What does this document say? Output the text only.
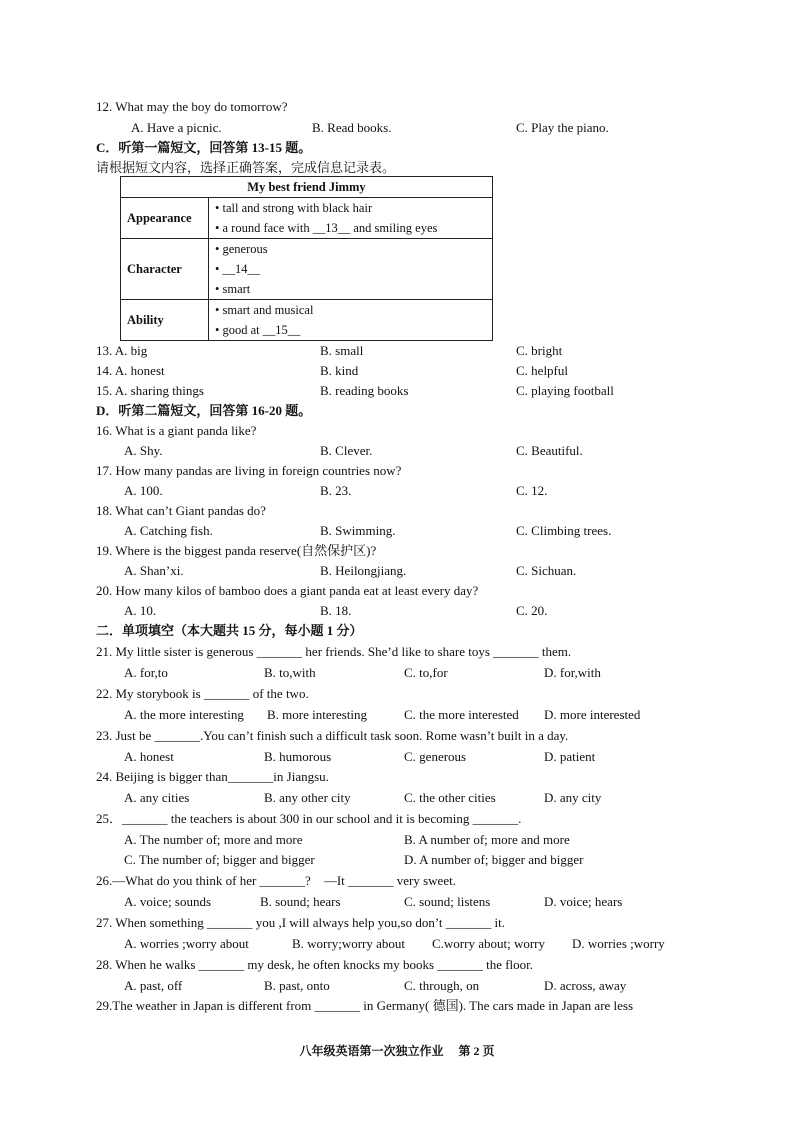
12. What may the boy do tomorrow?
A. Have a picnic.	B. Read books.	C. Play the piano.
C．听第一篇短文，回答第 13-15 题。
请根据短文内容，选择正确答案，完成信息记录表。
My best friend Jimmy	
Appearance	• tall and strong with black hair
• a round face with __13__ and smiling eyes

Character	• generous
• __14__
• smart

Ability	• smart and musical
• good at __15__
13. A. big	B. small	C. bright
14. A. honest	B. kind	C. helpful
15. A. sharing things	B. reading books	C. playing football
D．听第二篇短文，回答第 16-20 题。
16. What is a giant panda like?
A. Shy.	B. Clever.	C. Beautiful.
17. How many pandas are living in foreign countries now?
A. 100.	B. 23.	C. 12.
18. What can’t Giant pandas do?
A. Catching fish.	B. Swimming.	C. Climbing trees.
19. Where is the biggest panda reserve(自然保护区)?
A. Shan’xi.	B. Heilongjiang.	C. Sichuan.
20. How many kilos of bamboo does a giant panda eat at least every day?
A. 10.	B. 18.	C. 20.
二．单项填空（本大题共 15 分，每小题 1 分）
21. My little sister is generous _______ her friends. She’d like to share toys _______ them.
A. for,to	B. to,with	C. to,for	D. for,with
22. My storybook is _______ of the two.
A. the more interesting B. more interesting	C. the more interested D. more interested
23. Just be _______.You can’t finish such a difficult task soon. Rome wasn’t built in a day.
A. honest	B. humorous	C. generous	D. patient
24. Beijing is bigger than_______in Jiangsu.
A. any cities	B. any other city	C. the other cities	D. any city
25．_______ the teachers is about 300 in our school and it is becoming _______.
A. The number of; more and more	B. A number of; more and more
C. The number of; bigger and bigger	D. A number of; bigger and bigger
26.—What do you think of her _______?　—It _______ very sweet.
A. voice; sounds	B. sound; hears	C. sound; listens	D. voice; hears
27. When something _______ you ,I will always help you,so don’t _______ it.
A. worries ;worry about	B. worry;worry about C.worry about; worry D. worries ;worry
28. When he walks _______ my desk, he often knocks my books _______ the floor.
A. past, off	B. past, onto	C. through, on	D. across, away
29.The weather in Japan is different from _______ in Germany( 德国). The cars made in Japan are less
八年级英语第一次独立作业　 第 2 页
